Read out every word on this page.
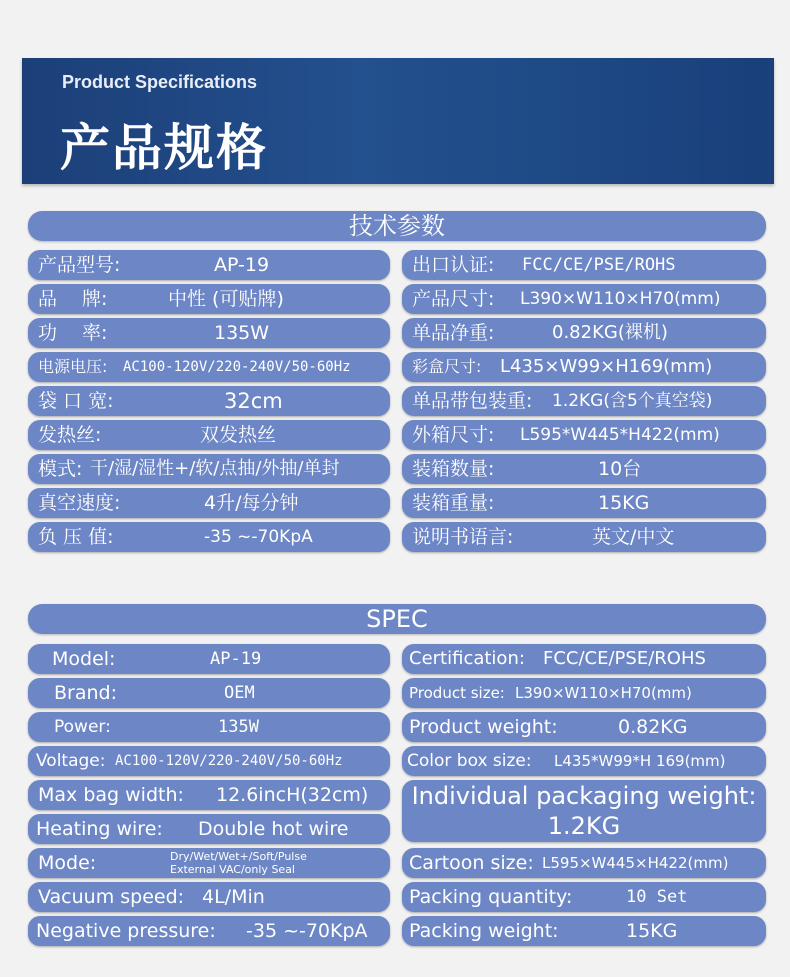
Product Specifications
产品规格
技术参数
产品型号:	AP-19
品　 牌:	中性 (可贴牌)
功　 率:	135W
电源电压: AC100-120V/220-240V/50-60Hz
袋 口 宽:	32cm
发热丝:	双发热丝
模式: 干/湿/湿性+/软/点抽/外抽/单封
真空速度:	4升/每分钟
负 压 值:	-35 ~-70KpA
出口认证: FCC/CE/PSE/ROHS
产品尺寸: L390×W110×H70(mm)
单品净重:	0.82KG(裸机)
彩盒尺寸: L435×W99×H169(mm)
单品带包装重: 1.2KG(含5个真空袋)
外箱尺寸: L595*W445*H422(mm)
装箱数量:	10台
装箱重量:	15KG
说明书语言:	英文/中文
SPEC
Model:	AP-19
Brand:	OEM
Power:	135W
Voltage: AC100-120V/220-240V/50-60Hz
Max bag width: 12.6incH(32cm)
Heating wire: Double hot wire
Mode:	Dry/Wet/Wet+/Soft/Pulse
External VAC/only Seal
Vacuum speed: 4L/Min
Negative pressure: -35 ~-70KpA
Certification: FCC/CE/PSE/ROHS
Product size: L390×W110×H70(mm)
Product weight:	0.82KG
Color box size: L435*W99*H 169(mm)
Individual packaging weight:
1.2KG
Cartoon size: L595×W445×H422(mm)
Packing quantity:	10 Set
Packing weight:	15KG
